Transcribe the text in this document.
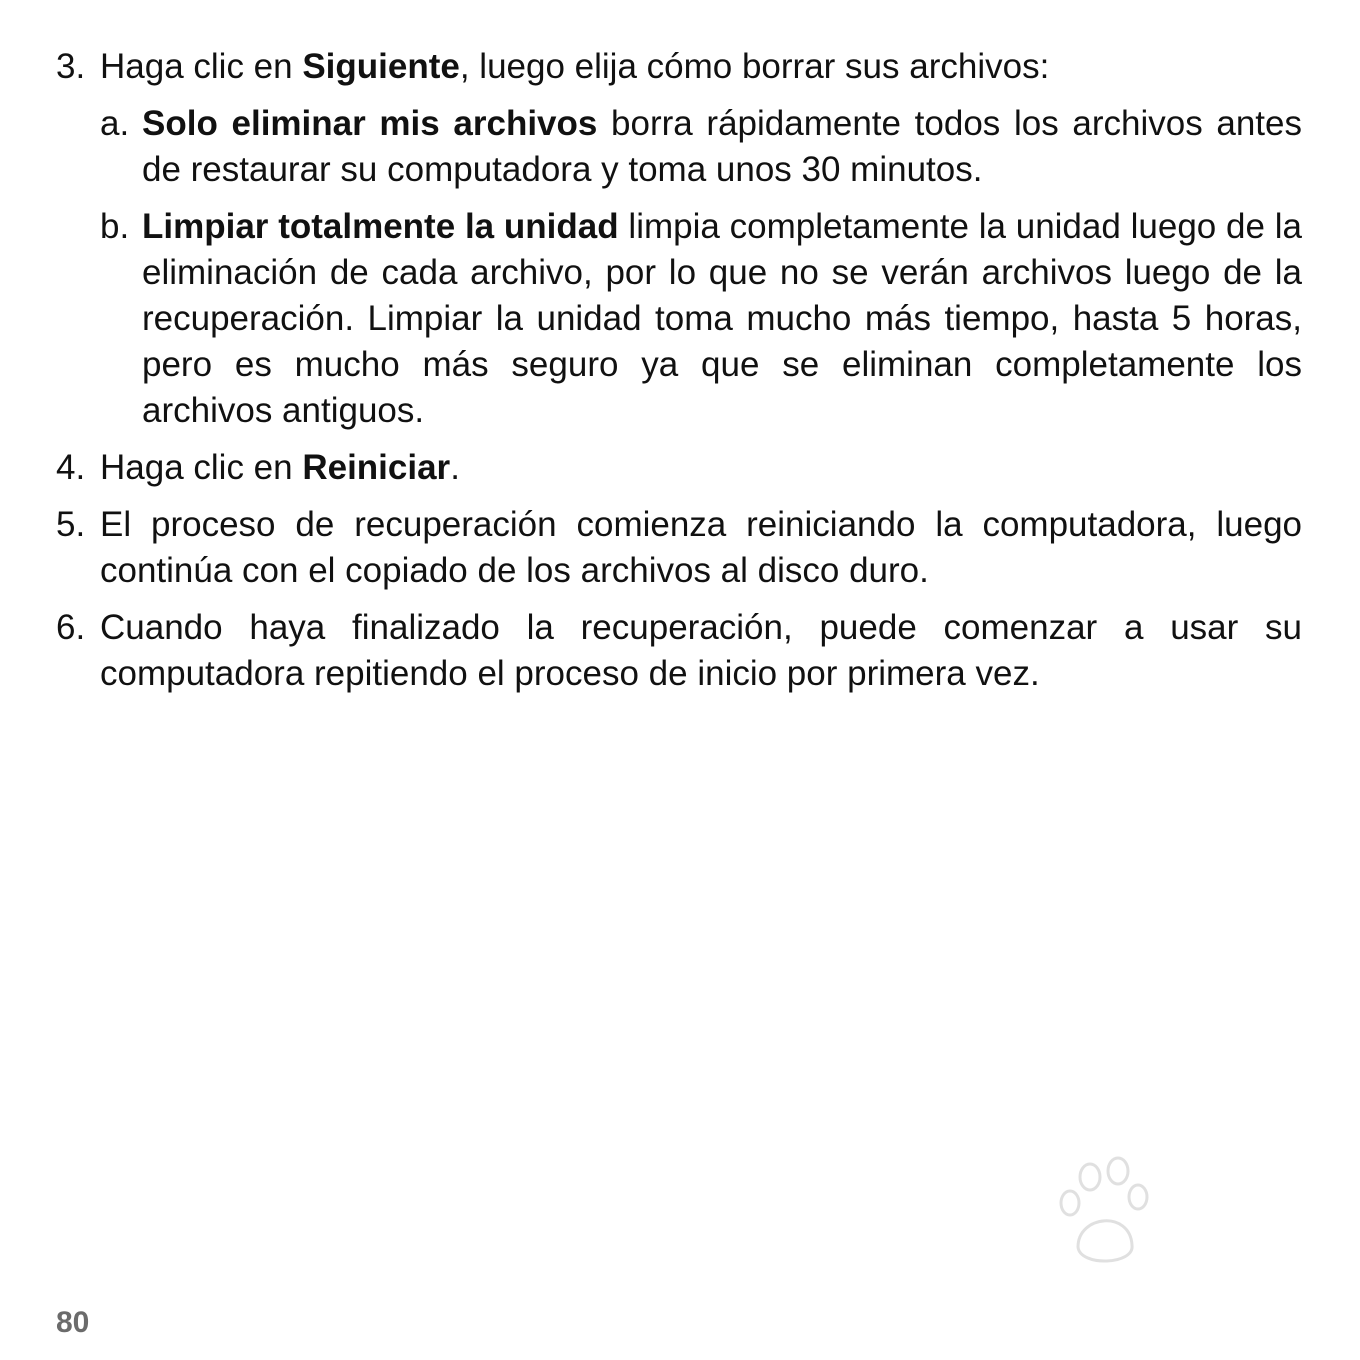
3. Haga clic en Siguiente, luego elija cómo borrar sus archivos:
a. Solo eliminar mis archivos borra rápidamente todos los archivos antes de restaurar su computadora y toma unos 30 minutos.
b. Limpiar totalmente la unidad limpia completamente la unidad luego de la eliminación de cada archivo, por lo que no se verán archivos luego de la recuperación. Limpiar la unidad toma mucho más tiempo, hasta 5 horas, pero es mucho más seguro ya que se eliminan completamente los archivos antiguos.
4. Haga clic en Reiniciar.
5. El proceso de recuperación comienza reiniciando la computadora, luego continúa con el copiado de los archivos al disco duro.
6. Cuando haya finalizado la recuperación, puede comenzar a usar su computadora repitiendo el proceso de inicio por primera vez.
80
